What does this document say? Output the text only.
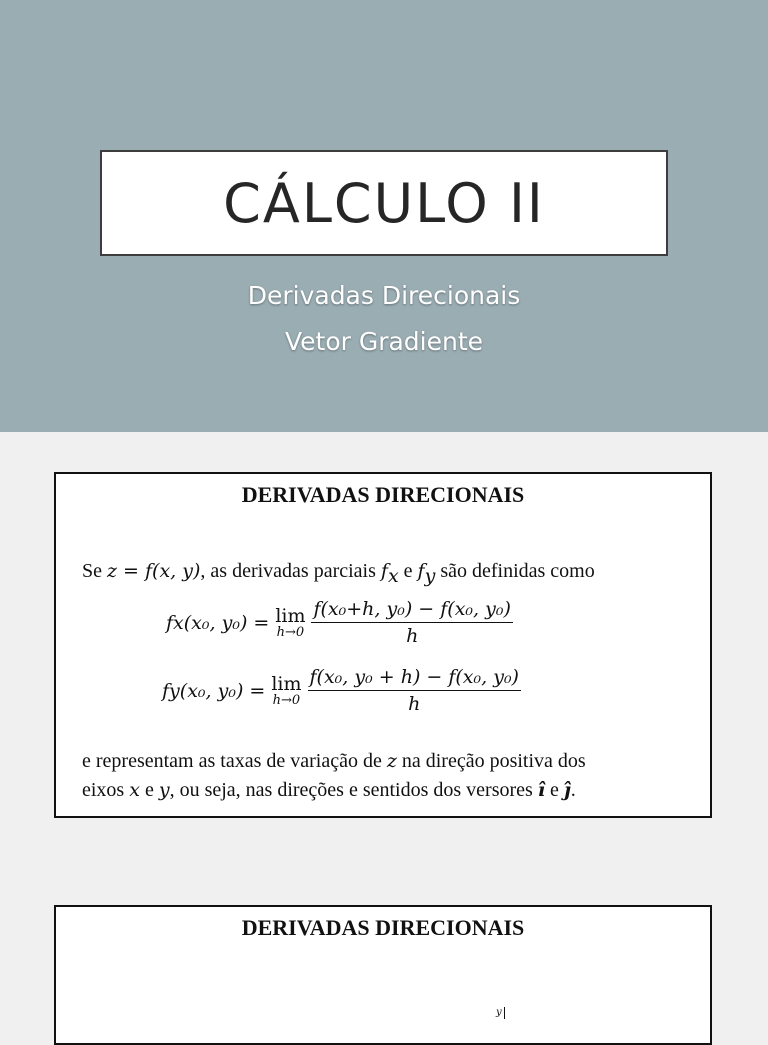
CÁLCULO II
Derivadas Direcionais
Vetor Gradiente
DERIVADAS DIRECIONAIS
Se z = f(x, y), as derivadas parciais $f_x$ e $f_y$ são definidas como
f x (x₀, y₀) = lim
$h\to 0 \frac{\text{f(x₀+h, y₀) − f(x₀, y₀)}}{h}$
f y (x₀, y₀) = lim
$h\to 0 \frac{\text{f(x₀, y₀ + h) − f(x₀, y₀)}}{h}$
e representam as taxas de variação de z na direção positiva dos
eixos x e y, ou seja, nas direções e sentidos dos versores î e ĵ.
DERIVADAS DIRECIONAIS
y
